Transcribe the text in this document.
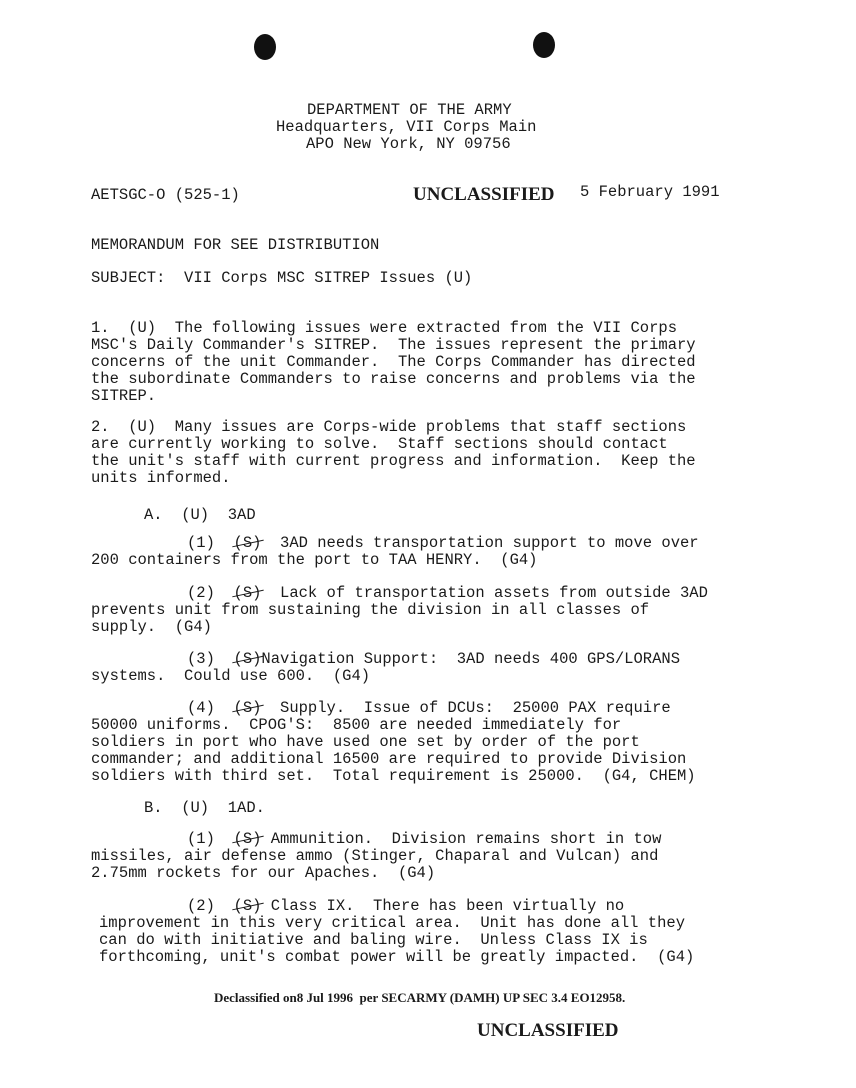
DEPARTMENT OF THE ARMY
Headquarters, VII Corps Main
APO New York, NY 09756
AETSGC-O (525-1)	UNCLASSIFIED 5 February 1991
MEMORANDUM FOR SEE DISTRIBUTION
SUBJECT:  VII Corps MSC SITREP Issues (U)
1.  (U)  The following issues were extracted from the VII Corps
MSC's Daily Commander's SITREP.  The issues represent the primary
concerns of the unit Commander.  The Corps Commander has directed
the subordinate Commanders to raise concerns and problems via the
SITREP.
2.  (U)  Many issues are Corps-wide problems that staff sections
are currently working to solve.  Staff sections should contact
the unit's staff with current progress and information.  Keep the
units informed.
A.  (U)  3AD
(1) (S) 3AD needs transportation support to move over
200 containers from the port to TAA HENRY.  (G4)
(2) (S) Lack of transportation assets from outside 3AD
prevents unit from sustaining the division in all classes of
supply.  (G4)
(3) (S)Navigation Support:  3AD needs 400 GPS/LORANS
systems.  Could use 600.  (G4)
(4) (S) Supply.  Issue of DCUs:  25000 PAX require
50000 uniforms.  CPOG'S:  8500 are needed immediately for
soldiers in port who have used one set by order of the port
commander; and additional 16500 are required to provide Division
soldiers with third set.  Total requirement is 25000.  (G4, CHEM)
B.  (U)  1AD.
(1) (S) Ammunition.  Division remains short in tow
missiles, air defense ammo (Stinger, Chaparal and Vulcan) and
2.75mm rockets for our Apaches.  (G4)
(2) (S) Class IX.  There has been virtually no
improvement in this very critical area.  Unit has done all they
can do with initiative and baling wire.  Unless Class IX is
forthcoming, unit's combat power will be greatly impacted.  (G4)
Declassified on8 Jul 1996  per SECARMY (DAMH) UP SEC 3.4 EO12958.
UNCLASSIFIED
